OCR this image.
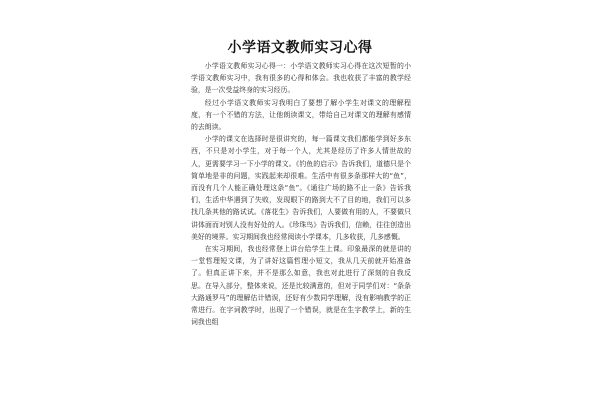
小学语文教师实习心得

小学语文教师实习心得一：小学语文教师实习心得在这次短暂的小学语文教师实习中，我有很多的心得和体会。我也收获了丰富的教学经验，是一次受益终身的实习经历。

经过小学语文教师实习我明白了要想了解小学生对课文的理解程度，有一个不错的方法，让他朗读课文，带给自己对课文的理解有感情的去朗读。

小学的课文在选择时是很讲究的，每一篇课文我们都能学到好多东西，不只是对小学生，对于每一个人，尤其是经历了许多人情世故的人，更需要学习一下小学的课文。《钓鱼的启示》告诉我们，道德只是个简单地是非的问题，实践起来却很难。生活中有很多条那样大的“鱼”，而没有几个人能正确处理这条“鱼”。《通往广场的路不止一条》告诉我们，生活中华遇到了失败，发现眼下的路到大不了目的地，我们可以多找几条其他的路试试。《落花生》告诉我们，人要做有用的人，不要做只讲体面而对别人没有好处的人。《珍珠鸟》告诉我们，信赖，往往创造出美好的境界。实习期间我也经常阅读小学课本，几多收获，几多感慨。

在实习期间，我也经常登上讲台给学生上课。印象最深的就是讲的一堂哲理短文课，为了讲好这篇哲理小短文，我从几天前就开始准备了。但真正讲下来，并不是那么如意，我也对此进行了深刻的自我反思。在导入部分，整体来说，还是比较满意的，但对于同学们对：“条条大路通罗马”的理解估计错误，还好有少数同学理解，没有影响教学的正常进行。在字词教学时，出现了一个错误，就是在生字教学上，新的生词我也组
